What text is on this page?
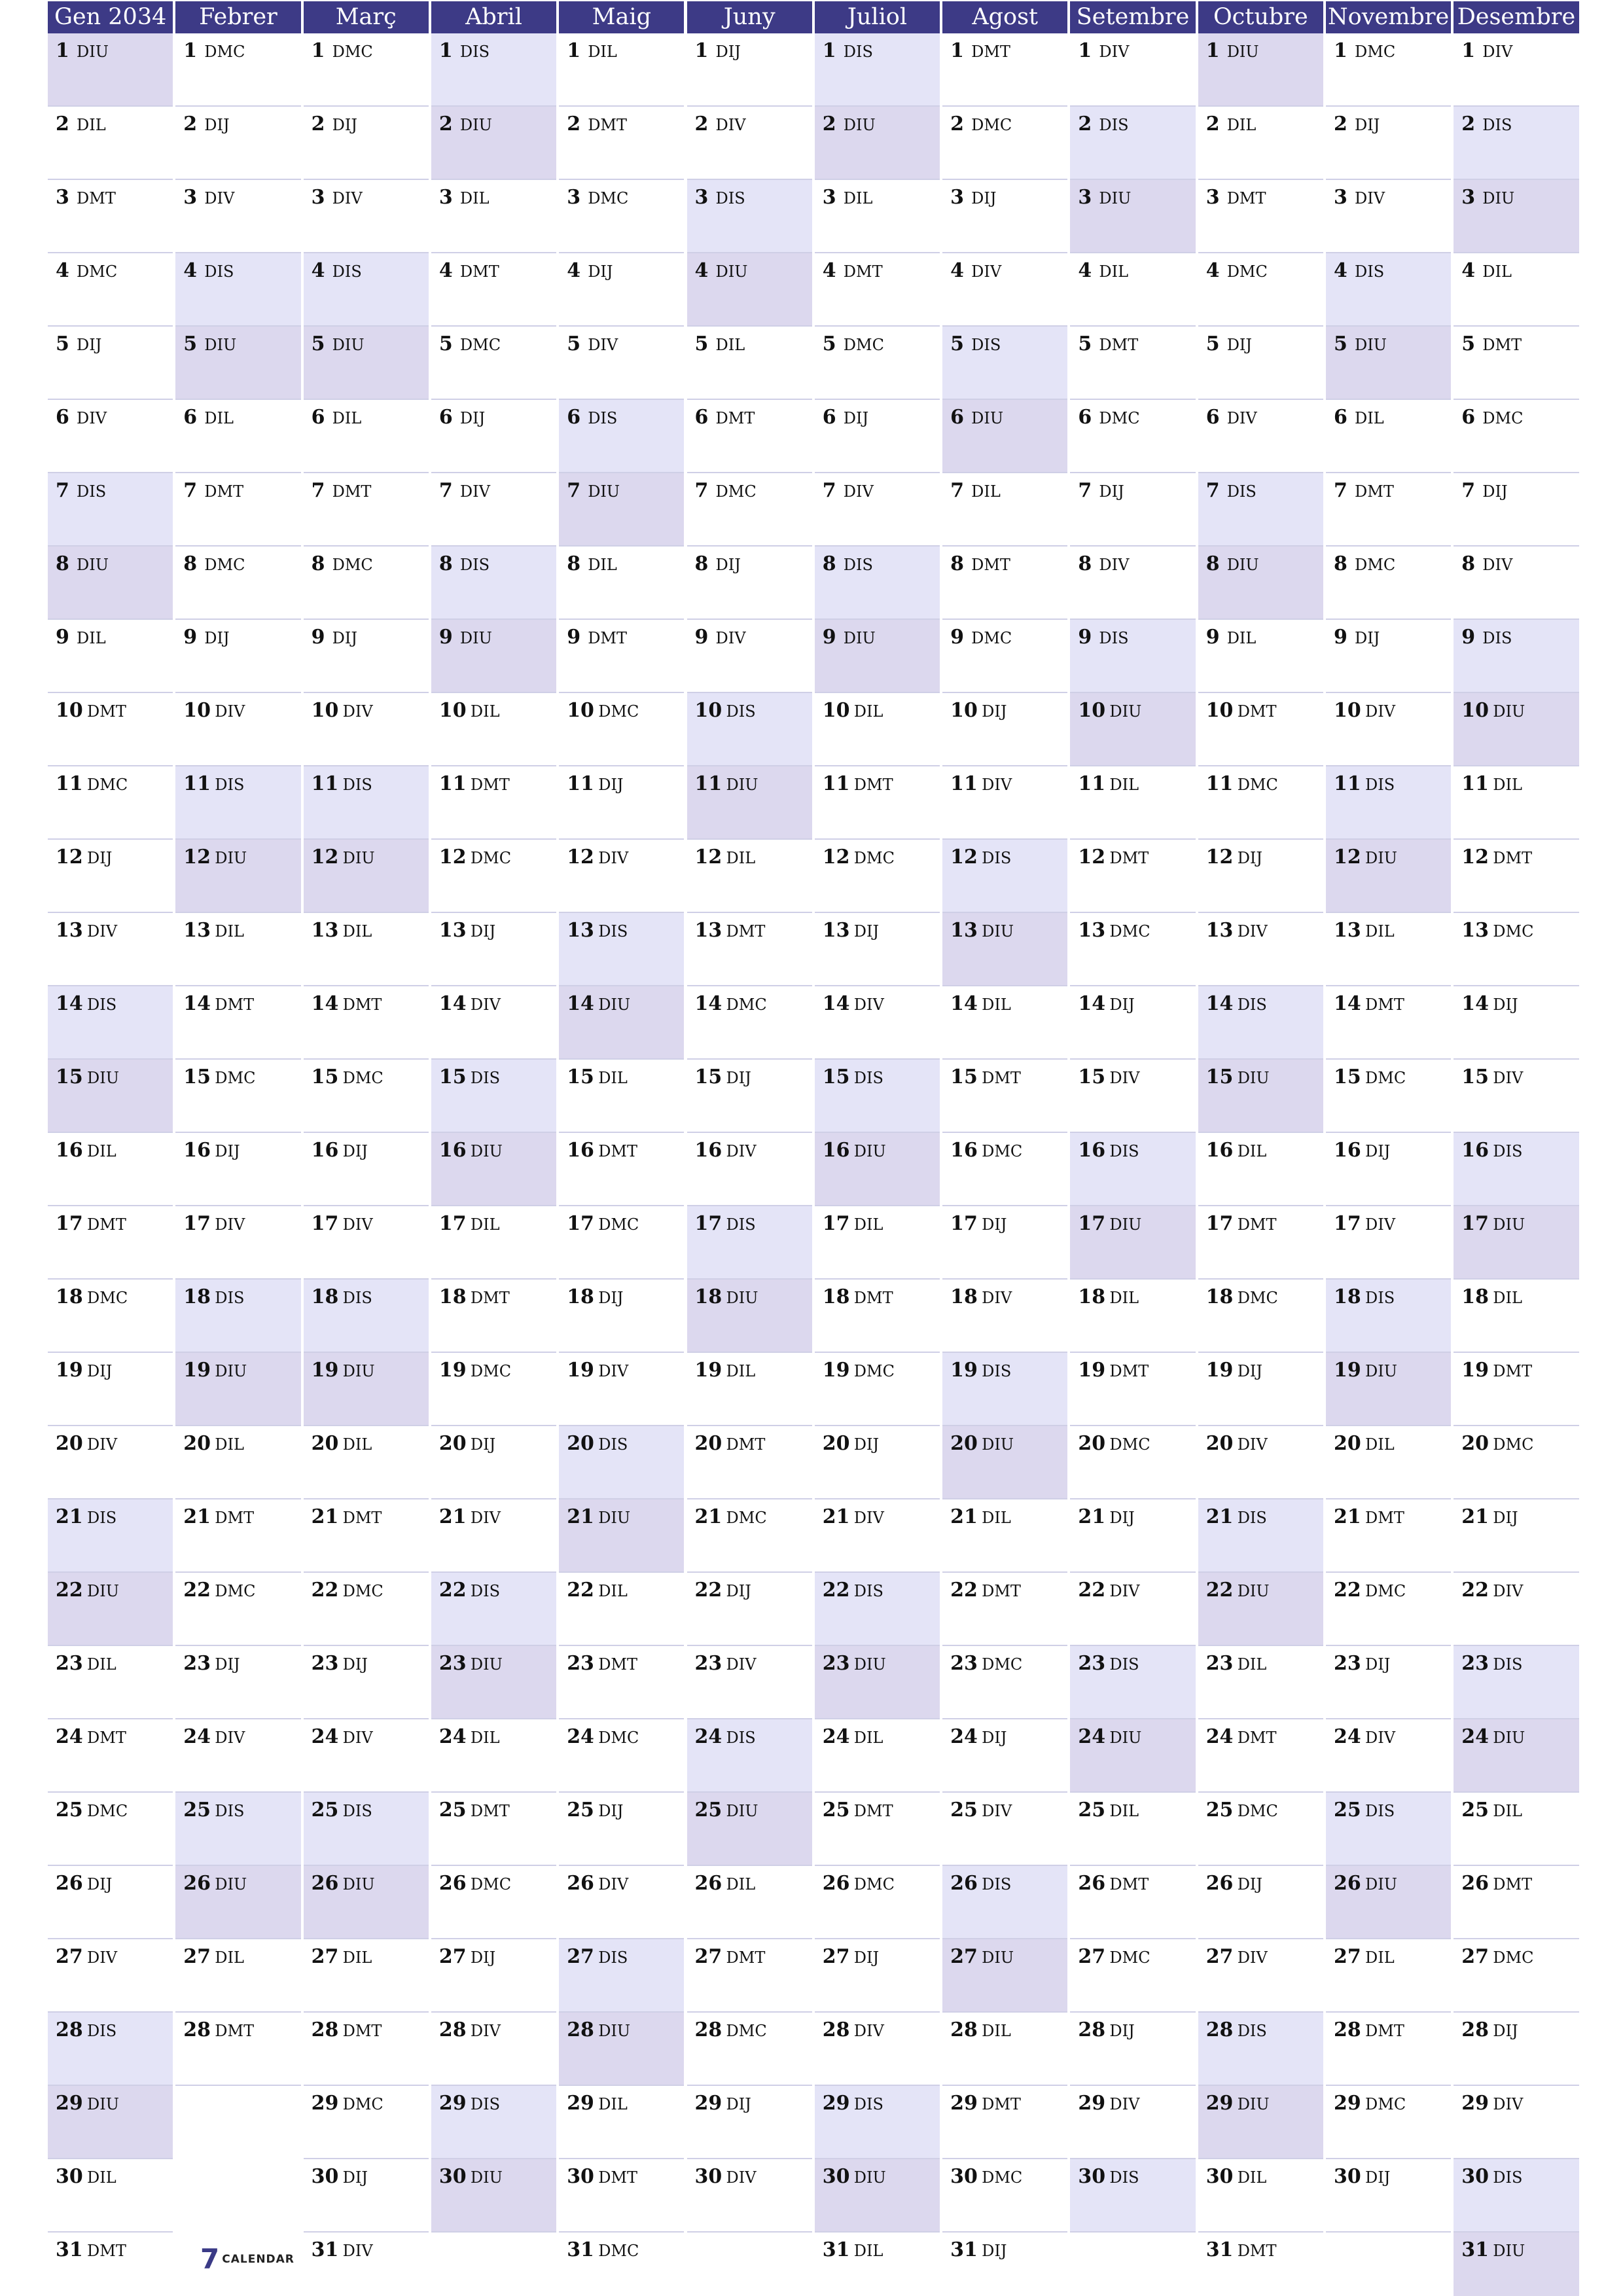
Gen 2034
1 DIU
2 DIL
3 DMT
4 DMC
5 DIJ
6 DIV
7 DIS
8 DIU
9 DIL
10 DMT
11 DMC
12 DIJ
13 DIV
14 DIS
15 DIU
16 DIL
17 DMT
18 DMC
19 DIJ
20 DIV
21 DIS
22 DIU
23 DIL
24 DMT
25 DMC
26 DIJ
27 DIV
28 DIS
29 DIU
30 DIL
31 DMT
Febrer
1 DMC
2 DIJ
3 DIV
4 DIS
5 DIU
6 DIL
7 DMT
8 DMC
9 DIJ
10 DIV
11 DIS
12 DIU
13 DIL
14 DMT
15 DMC
16 DIJ
17 DIV
18 DIS
19 DIU
20 DIL
21 DMT
22 DMC
23 DIJ
24 DIV
25 DIS
26 DIU
27 DIL
28 DMT
Març
1 DMC
2 DIJ
3 DIV
4 DIS
5 DIU
6 DIL
7 DMT
8 DMC
9 DIJ
10 DIV
11 DIS
12 DIU
13 DIL
14 DMT
15 DMC
16 DIJ
17 DIV
18 DIS
19 DIU
20 DIL
21 DMT
22 DMC
23 DIJ
24 DIV
25 DIS
26 DIU
27 DIL
28 DMT
29 DMC
30 DIJ
31 DIV
Abril
1 DIS
2 DIU
3 DIL
4 DMT
5 DMC
6 DIJ
7 DIV
8 DIS
9 DIU
10 DIL
11 DMT
12 DMC
13 DIJ
14 DIV
15 DIS
16 DIU
17 DIL
18 DMT
19 DMC
20 DIJ
21 DIV
22 DIS
23 DIU
24 DIL
25 DMT
26 DMC
27 DIJ
28 DIV
29 DIS
30 DIU
Maig
1 DIL
2 DMT
3 DMC
4 DIJ
5 DIV
6 DIS
7 DIU
8 DIL
9 DMT
10 DMC
11 DIJ
12 DIV
13 DIS
14 DIU
15 DIL
16 DMT
17 DMC
18 DIJ
19 DIV
20 DIS
21 DIU
22 DIL
23 DMT
24 DMC
25 DIJ
26 DIV
27 DIS
28 DIU
29 DIL
30 DMT
31 DMC
Juny
1 DIJ
2 DIV
3 DIS
4 DIU
5 DIL
6 DMT
7 DMC
8 DIJ
9 DIV
10 DIS
11 DIU
12 DIL
13 DMT
14 DMC
15 DIJ
16 DIV
17 DIS
18 DIU
19 DIL
20 DMT
21 DMC
22 DIJ
23 DIV
24 DIS
25 DIU
26 DIL
27 DMT
28 DMC
29 DIJ
30 DIV
Juliol
1 DIS
2 DIU
3 DIL
4 DMT
5 DMC
6 DIJ
7 DIV
8 DIS
9 DIU
10 DIL
11 DMT
12 DMC
13 DIJ
14 DIV
15 DIS
16 DIU
17 DIL
18 DMT
19 DMC
20 DIJ
21 DIV
22 DIS
23 DIU
24 DIL
25 DMT
26 DMC
27 DIJ
28 DIV
29 DIS
30 DIU
31 DIL
Agost
1 DMT
2 DMC
3 DIJ
4 DIV
5 DIS
6 DIU
7 DIL
8 DMT
9 DMC
10 DIJ
11 DIV
12 DIS
13 DIU
14 DIL
15 DMT
16 DMC
17 DIJ
18 DIV
19 DIS
20 DIU
21 DIL
22 DMT
23 DMC
24 DIJ
25 DIV
26 DIS
27 DIU
28 DIL
29 DMT
30 DMC
31 DIJ
Setembre
1 DIV
2 DIS
3 DIU
4 DIL
5 DMT
6 DMC
7 DIJ
8 DIV
9 DIS
10 DIU
11 DIL
12 DMT
13 DMC
14 DIJ
15 DIV
16 DIS
17 DIU
18 DIL
19 DMT
20 DMC
21 DIJ
22 DIV
23 DIS
24 DIU
25 DIL
26 DMT
27 DMC
28 DIJ
29 DIV
30 DIS
Octubre
1 DIU
2 DIL
3 DMT
4 DMC
5 DIJ
6 DIV
7 DIS
8 DIU
9 DIL
10 DMT
11 DMC
12 DIJ
13 DIV
14 DIS
15 DIU
16 DIL
17 DMT
18 DMC
19 DIJ
20 DIV
21 DIS
22 DIU
23 DIL
24 DMT
25 DMC
26 DIJ
27 DIV
28 DIS
29 DIU
30 DIL
31 DMT
Novembre
1 DMC
2 DIJ
3 DIV
4 DIS
5 DIU
6 DIL
7 DMT
8 DMC
9 DIJ
10 DIV
11 DIS
12 DIU
13 DIL
14 DMT
15 DMC
16 DIJ
17 DIV
18 DIS
19 DIU
20 DIL
21 DMT
22 DMC
23 DIJ
24 DIV
25 DIS
26 DIU
27 DIL
28 DMT
29 DMC
30 DIJ
Desembre
1 DIV
2 DIS
3 DIU
4 DIL
5 DMT
6 DMC
7 DIJ
8 DIV
9 DIS
10 DIU
11 DIL
12 DMT
13 DMC
14 DIJ
15 DIV
16 DIS
17 DIU
18 DIL
19 DMT
20 DMC
21 DIJ
22 DIV
23 DIS
24 DIU
25 DIL
26 DMT
27 DMC
28 DIJ
29 DIV
30 DIS
31 DIU
7 CALENDAR
